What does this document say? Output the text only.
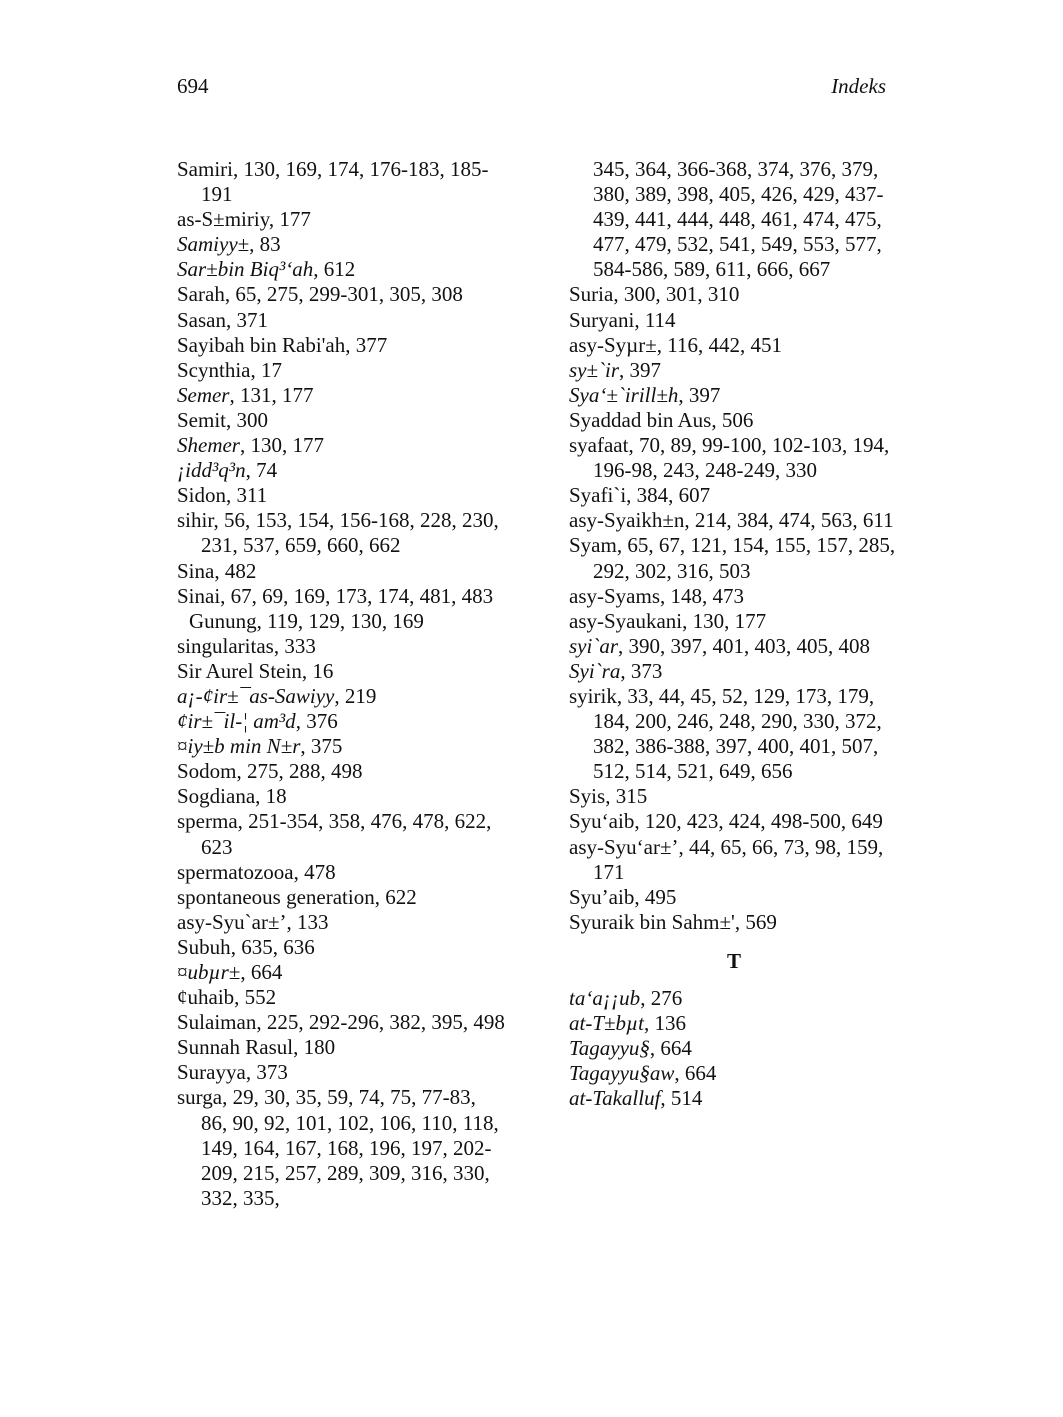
694	Indeks
Samiri, 130, 169, 174, 176-183, 185-191
as-S±miriy, 177
Samiyy±, 83
Sar±bin Biq³‘ah, 612
Sarah, 65, 275, 299-301, 305, 308
Sasan, 371
Sayibah bin Rabi'ah, 377
Scynthia, 17
Semer, 131, 177
Semit, 300
Shemer, 130, 177
¡idd³q³n, 74
Sidon, 311
sihir, 56, 153, 154, 156-168, 228, 230, 231, 537, 659, 660, 662
Sina, 482
Sinai, 67, 69, 169, 173, 174, 481, 483
Gunung, 119, 129, 130, 169
singularitas, 333
Sir Aurel Stein, 16
a¡-¢ir±¯as-Sawiyy, 219
¢ir±¯il-¦ am³d, 376
¤iy±b min N±r, 375
Sodom, 275, 288, 498
Sogdiana, 18
sperma, 251-354, 358, 476, 478, 622, 623
spermatozooa, 478
spontaneous generation, 622
asy-Syu`ar±’, 133
Subuh, 635, 636
¤ubµr±, 664
¢uhaib, 552
Sulaiman, 225, 292-296, 382, 395, 498
Sunnah Rasul, 180
Surayya, 373
surga, 29, 30, 35, 59, 74, 75, 77-83, 86, 90, 92, 101, 102, 106, 110, 118, 149, 164, 167, 168, 196, 197, 202-209, 215, 257, 289, 309, 316, 330, 332, 335,
345, 364, 366-368, 374, 376, 379, 380, 389, 398, 405, 426, 429, 437-439, 441, 444, 448, 461, 474, 475, 477, 479, 532, 541, 549, 553, 577, 584-586, 589, 611, 666, 667
Suria, 300, 301, 310
Suryani, 114
asy-Syµr±, 116, 442, 451
sy±`ir, 397
Sya‘±`irill±h, 397
Syaddad bin Aus, 506
syafaat, 70, 89, 99-100, 102-103, 194, 196-98, 243, 248-249, 330
Syafi`i, 384, 607
asy-Syaikh±n, 214, 384, 474, 563, 611
Syam, 65, 67, 121, 154, 155, 157, 285, 292, 302, 316, 503
asy-Syams, 148, 473
asy-Syaukani, 130, 177
syi`ar, 390, 397, 401, 403, 405, 408
Syi`ra, 373
syirik, 33, 44, 45, 52, 129, 173, 179, 184, 200, 246, 248, 290, 330, 372, 382, 386-388, 397, 400, 401, 507, 512, 514, 521, 649, 656
Syis, 315
Syu‘aib, 120, 423, 424, 498-500, 649
asy-Syu‘ar±’, 44, 65, 66, 73, 98, 159, 171
Syu’aib, 495
Syuraik bin Sahm±', 569
T
ta‘a¡¡ub, 276
at-T±bµt, 136
Tagayyu§, 664
Tagayyu§aw, 664
at-Takalluf, 514
